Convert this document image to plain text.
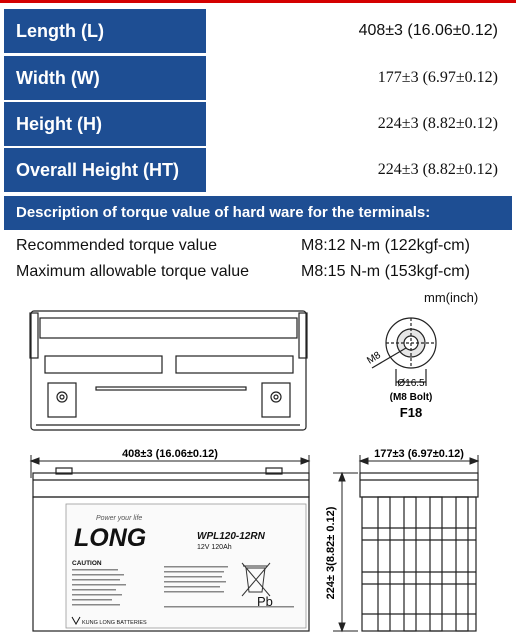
Length (L)	408±3 (16.06±0.12)
Width (W)	177±3 (6.97±0.12)
Height (H)	224±3 (8.82±0.12)
Overall Height (HT)	224±3 (8.82±0.12)
Description of torque value of hard ware for the terminals:
Recommended torque value	M8:12 N-m (122kgf-cm)
Maximum allowable torque value	M8:15 N-m (153kgf-cm)
mm(inch)
M8
Ø16.5
(M8 Bolt)
F18
408±3 (16.06±0.12)
LONG
Power your life
WPL120-12RN
12V 120Ah
CAUTION
Pb
KUNG LONG BATTERIES
177±3 (6.97±0.12)
224± 3(8.82± 0.12)
